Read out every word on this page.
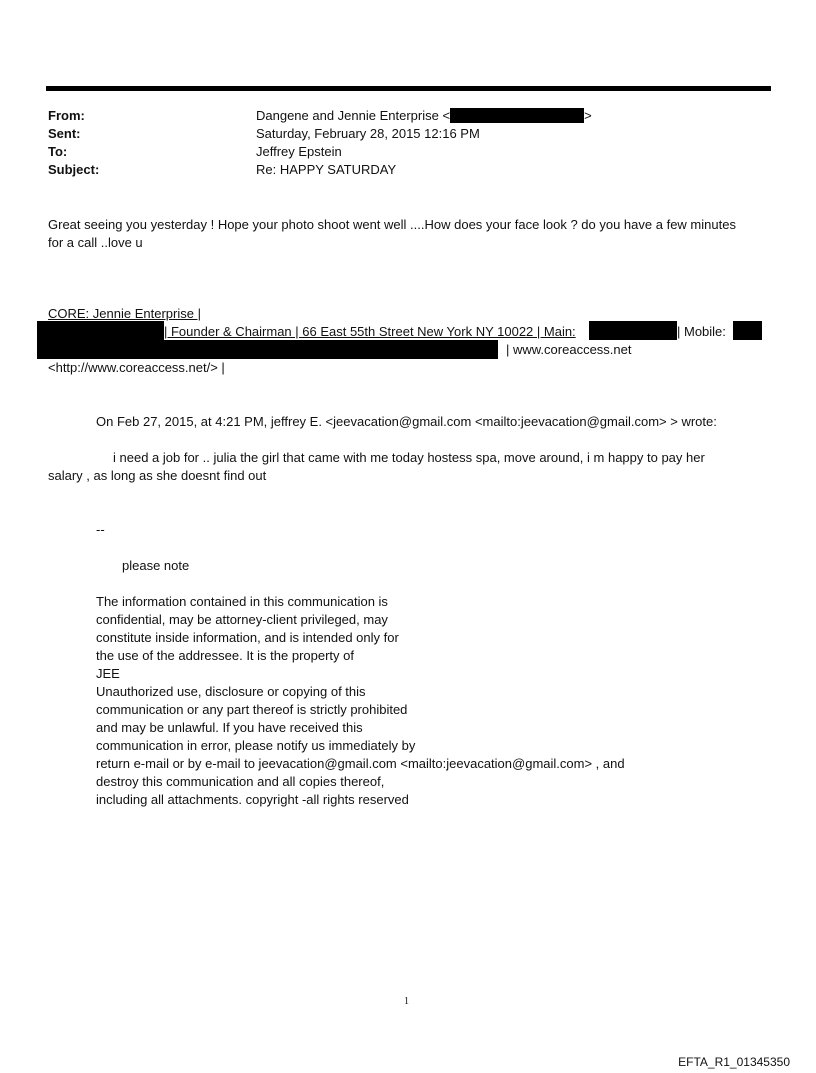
From:
Sent:
To:
Subject:
Dangene and Jennie Enterprise <	>
Saturday, February 28, 2015 12:16 PM
Jeffrey Epstein
Re: HAPPY SATURDAY
Great seeing you yesterday ! Hope your photo shoot went well ....How does your face look ? do you have a few minutes
for a call ..love u
CORE: Jennie Enterprise |
| Founder & Chairman | 66 East 55th Street New York NY 10022 | Main:	| Mobile:
| www.coreaccess.net
<http://www.coreaccess.net/> |
On Feb 27, 2015, at 4:21 PM, jeffrey E. <jeevacation@gmail.com <mailto:jeevacation@gmail.com> > wrote:
i need a job for .. julia the girl that came with me today hostess spa, move around, i m happy to pay her
salary , as long as she doesnt find out
--
please note
The information contained in this communication is
confidential, may be attorney-client privileged, may
constitute inside information, and is intended only for
the use of the addressee. It is the property of
JEE
Unauthorized use, disclosure or copying of this
communication or any part thereof is strictly prohibited
and may be unlawful. If you have received this
communication in error, please notify us immediately by
return e-mail or by e-mail to jeevacation@gmail.com <mailto:jeevacation@gmail.com> , and
destroy this communication and all copies thereof,
including all attachments. copyright -all rights reserved
1
EFTA_R1_01345350
